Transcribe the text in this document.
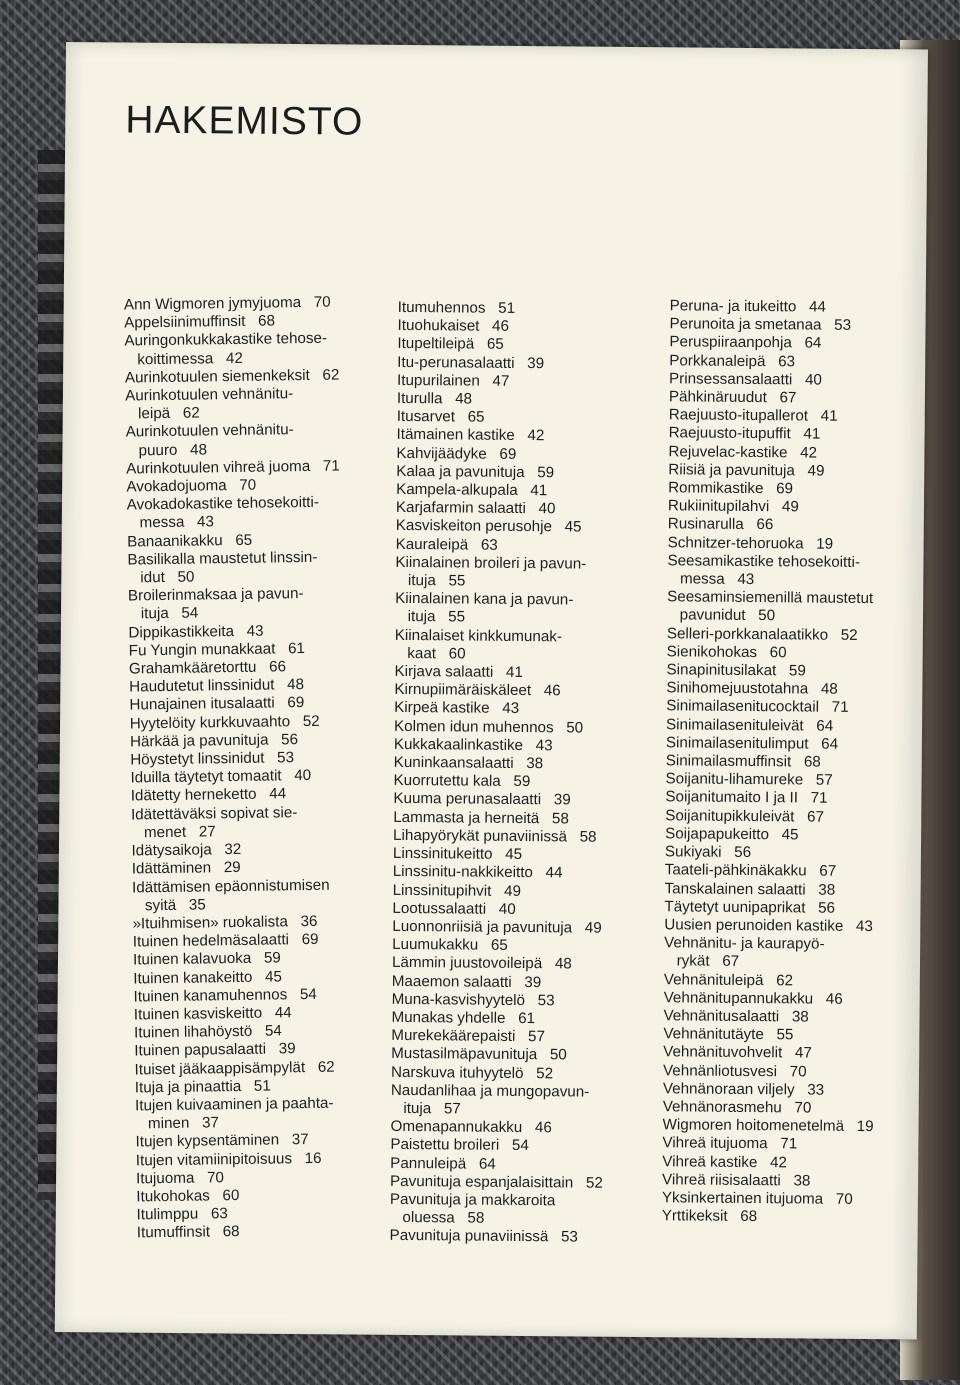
HAKEMISTO
Ann Wigmoren jymyjuoma   70
Appelsiinimuffinsit   68
Auringonkukkakastike tehose-
koittimessa   42
Aurinkotuulen siemenkeksit   62
Aurinkotuulen vehnänitu-
leipä   62
Aurinkotuulen vehnänitu-
puuro   48
Aurinkotuulen vihreä juoma   71
Avokadojuoma   70
Avokadokastike tehosekoitti-
messa   43
Banaanikakku   65
Basilikalla maustetut linssin-
idut   50
Broilerinmaksaa ja pavun-
ituja   54
Dippikastikkeita   43
Fu Yungin munakkaat   61
Grahamkääretorttu   66
Haudutetut linssinidut   48
Hunajainen itusalaatti   69
Hyytelöity kurkkuvaahto   52
Härkää ja pavunituja   56
Höystetyt linssinidut   53
Iduilla täytetyt tomaatit   40
Idätetty herneketto   44
Idätettäväksi sopivat sie-
menet   27
Idätysaikoja   32
Idättäminen   29
Idättämisen epäonnistumisen
syitä   35
»Ituihmisen» ruokalista   36
Ituinen hedelmäsalaatti   69
Ituinen kalavuoka   59
Ituinen kanakeitto   45
Ituinen kanamuhennos   54
Ituinen kasviskeitto   44
Ituinen lihahöystö   54
Ituinen papusalaatti   39
Ituiset jääkaappisämpylät   62
Ituja ja pinaattia   51
Itujen kuivaaminen ja paahta-
minen   37
Itujen kypsentäminen   37
Itujen vitamiinipitoisuus   16
Itujuoma   70
Itukohokas   60
Itulimppu   63
Itumuffinsit   68
Itumuhennos   51
Ituohukaiset   46
Itupeltileipä   65
Itu-perunasalaatti   39
Itupurilainen   47
Iturulla   48
Itusarvet   65
Itämainen kastike   42
Kahvijäädyke   69
Kalaa ja pavunituja   59
Kampela-alkupala   41
Karjafarmin salaatti   40
Kasviskeiton perusohje   45
Kauraleipä   63
Kiinalainen broileri ja pavun-
ituja   55
Kiinalainen kana ja pavun-
ituja   55
Kiinalaiset kinkkumunak-
kaat   60
Kirjava salaatti   41
Kirnupiimäräiskäleet   46
Kirpeä kastike   43
Kolmen idun muhennos   50
Kukkakaalinkastike   43
Kuninkaansalaatti   38
Kuorrutettu kala   59
Kuuma perunasalaatti   39
Lammasta ja herneitä   58
Lihapyörykät punaviinissä   58
Linssinitukeitto   45
Linssinitu-nakkikeitto   44
Linssinitupihvit   49
Lootussalaatti   40
Luonnonriisiä ja pavunituja   49
Luumukakku   65
Lämmin juustovoileipä   48
Maaemon salaatti   39
Muna-kasvishyytelö   53
Munakas yhdelle   61
Murekekäärepaisti   57
Mustasilmäpavunituja   50
Narskuva ituhyytelö   52
Naudanlihaa ja mungopavun-
ituja   57
Omenapannukakku   46
Paistettu broileri   54
Pannuleipä   64
Pavunituja espanjalaisittain   52
Pavunituja ja makkaroita
oluessa   58
Pavunituja punaviinissä   53
Peruna- ja itukeitto   44
Perunoita ja smetanaa   53
Peruspiiraanpohja   64
Porkkanaleipä   63
Prinsessansalaatti   40
Pähkinäruudut   67
Raejuusto-itupallerot   41
Raejuusto-itupuffit   41
Rejuvelac-kastike   42
Riisiä ja pavunituja   49
Rommikastike   69
Rukiinitupilahvi   49
Rusinarulla   66
Schnitzer-tehoruoka   19
Seesamikastike tehosekoitti-
messa   43
Seesaminsiemenillä maustetut
pavunidut   50
Selleri-porkkanalaatikko   52
Sienikohokas   60
Sinapinitusilakat   59
Sinihomejuustotahna   48
Sinimailasenitucocktail   71
Sinimailasenituleivät   64
Sinimailasenitulimput   64
Sinimailasmuffinsit   68
Soijanitu-lihamureke   57
Soijanitumaito I ja II   71
Soijanitupikkuleivät   67
Soijapapukeitto   45
Sukiyaki   56
Taateli-pähkinäkakku   67
Tanskalainen salaatti   38
Täytetyt uunipaprikat   56
Uusien perunoiden kastike   43
Vehnänitu- ja kaurapyö-
rykät   67
Vehnänituleipä   62
Vehnänitupannukakku   46
Vehnänitusalaatti   38
Vehnänitutäyte   55
Vehnänituvohvelit   47
Vehnänliotusvesi   70
Vehnänoraan viljely   33
Vehnänorasmehu   70
Wigmoren hoitomenetelmä   19
Vihreä itujuoma   71
Vihreä kastike   42
Vihreä riisisalaatti   38
Yksinkertainen itujuoma   70
Yrttikeksit   68
